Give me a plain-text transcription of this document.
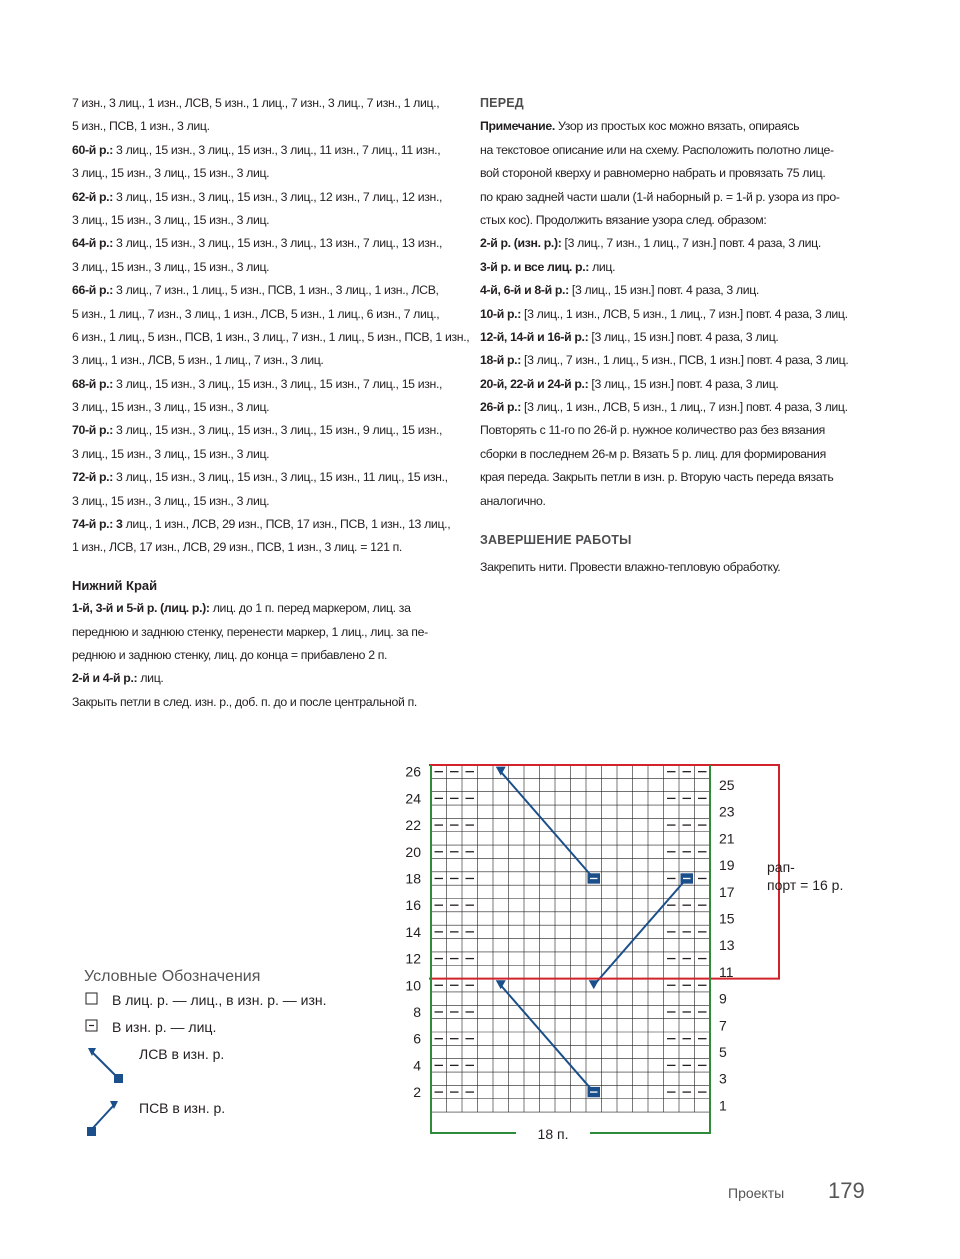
7 изн., 3 лиц., 1 изн., ЛСВ, 5 изн., 1 лиц., 7 изн., 3 лиц., 7 изн., 1 лиц.,
5 изн., ПСВ, 1 изн., 3 лиц.
60-й р.: 3 лиц., 15 изн., 3 лиц., 15 изн., 3 лиц., 11 изн., 7 лиц., 11 изн.,
3 лиц., 15 изн., 3 лиц., 15 изн., 3 лиц.
62-й р.: 3 лиц., 15 изн., 3 лиц., 15 изн., 3 лиц., 12 изн., 7 лиц., 12 изн.,
3 лиц., 15 изн., 3 лиц., 15 изн., 3 лиц.
64-й р.: 3 лиц., 15 изн., 3 лиц., 15 изн., 3 лиц., 13 изн., 7 лиц., 13 изн.,
3 лиц., 15 изн., 3 лиц., 15 изн., 3 лиц.
66-й р.: 3 лиц., 7 изн., 1 лиц., 5 изн., ПСВ, 1 изн., 3 лиц., 1 изн., ЛСВ,
5 изн., 1 лиц., 7 изн., 3 лиц., 1 изн., ЛСВ, 5 изн., 1 лиц., 6 изн., 7 лиц.,
6 изн., 1 лиц., 5 изн., ПСВ, 1 изн., 3 лиц., 7 изн., 1 лиц., 5 изн., ПСВ, 1 изн.,
3 лиц., 1 изн., ЛСВ, 5 изн., 1 лиц., 7 изн., 3 лиц.
68-й р.: 3 лиц., 15 изн., 3 лиц., 15 изн., 3 лиц., 15 изн., 7 лиц., 15 изн.,
3 лиц., 15 изн., 3 лиц., 15 изн., 3 лиц.
70-й р.: 3 лиц., 15 изн., 3 лиц., 15 изн., 3 лиц., 15 изн., 9 лиц., 15 изн.,
3 лиц., 15 изн., 3 лиц., 15 изн., 3 лиц.
72-й р.: 3 лиц., 15 изн., 3 лиц., 15 изн., 3 лиц., 15 изн., 11 лиц., 15 изн.,
3 лиц., 15 изн., 3 лиц., 15 изн., 3 лиц.
74-й р.: 3 лиц., 1 изн., ЛСВ, 29 изн., ПСВ, 17 изн., ПСВ, 1 изн., 13 лиц.,
1 изн., ЛСВ, 17 изн., ЛСВ, 29 изн., ПСВ, 1 изн., 3 лиц. = 121 п.
Нижний Край
1-й, 3-й и 5-й р. (лиц. р.): лиц. до 1 п. перед маркером, лиц. за
переднюю и заднюю стенку, перенести маркер, 1 лиц., лиц. за пе-
реднюю и заднюю стенку, лиц. до конца = прибавлено 2 п.
2-й и 4-й р.: лиц.
Закрыть петли в след. изн. р., доб. п. до и после центральной п.
ПЕРЕД
Примечание. Узор из простых кос можно вязать, опираясь
на текстовое описание или на схему. Расположить полотно лице-
вой стороной кверху и равномерно набрать и провязать 75 лиц.
по краю задней части шали (1-й наборный р. = 1-й р. узора из про-
стых кос). Продолжить вязание узора след. образом:
2-й р. (изн. р.): [3 лиц., 7 изн., 1 лиц., 7 изн.] повт. 4 раза, 3 лиц.
3-й р. и все лиц. р.: лиц.
4-й, 6-й и 8-й р.: [3 лиц., 15 изн.] повт. 4 раза, 3 лиц.
10-й р.: [3 лиц., 1 изн., ЛСВ, 5 изн., 1 лиц., 7 изн.] повт. 4 раза, 3 лиц.
12-й, 14-й и 16-й р.: [3 лиц., 15 изн.] повт. 4 раза, 3 лиц.
18-й р.: [3 лиц., 7 изн., 1 лиц., 5 изн., ПСВ, 1 изн.] повт. 4 раза, 3 лиц.
20-й, 22-й и 24-й р.: [3 лиц., 15 изн.] повт. 4 раза, 3 лиц.
26-й р.: [3 лиц., 1 изн., ЛСВ, 5 изн., 1 лиц., 7 изн.] повт. 4 раза, 3 лиц.
Повторять с 11-го по 26-й р. нужное количество раз без вязания
сборки в последнем 26-м р. Вязать 5 р. лиц. для формирования
края переда. Закрыть петли в изн. р. Вторую часть переда вязать
аналогично.
ЗАВЕРШЕНИЕ РАБОТЫ
Закрепить нити. Провести влажно-тепловую обработку.
Условные Обозначения
В лиц. р. — лиц., в изн. р. — изн.
В изн. р. — лиц.
ЛСВ в изн. р.
ПСВ в изн. р.
рап-
порт = 16 р.
18 п.
2
4
6
8
10
12
14
16
18
20
22
24
26
1
3
5
7
9
11
13
15
17
19
21
23
25
Проекты 179
